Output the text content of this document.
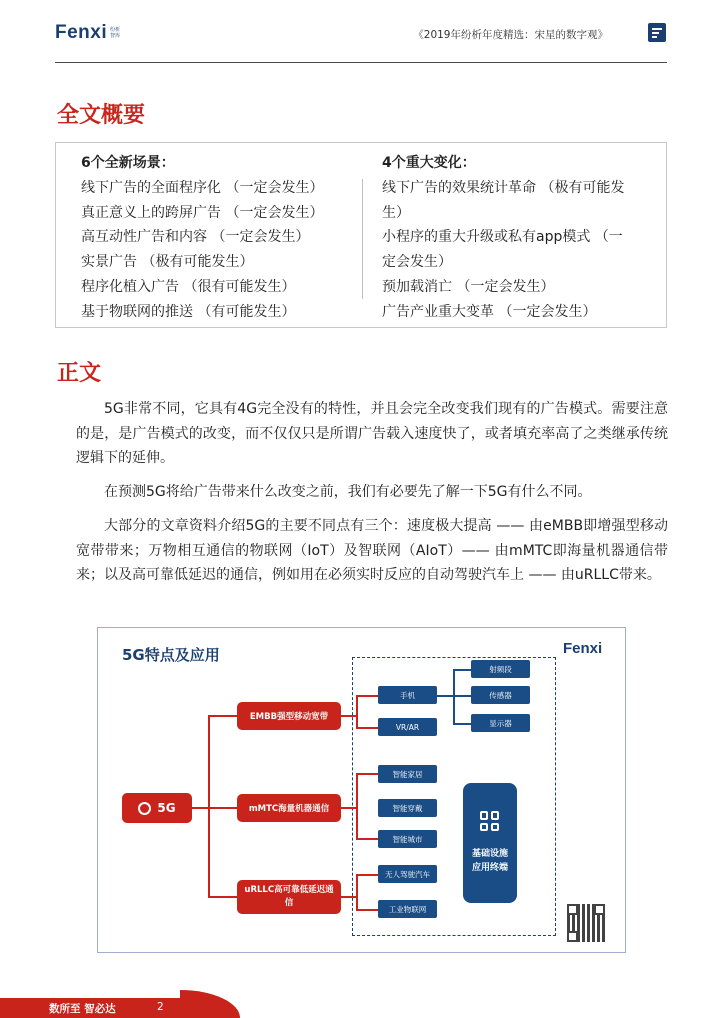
Fenxi 纷析智库	《2019年纷析年度精选：宋星的数字观》
全文概要
6个全新场景：
线下广告的全面程序化 （一定会发生）
真正意义上的跨屏广告 （一定会发生）
高互动性广告和内容 （一定会发生）
实景广告 （极有可能发生）
程序化植入广告 （很有可能发生）
基于物联网的推送 （有可能发生）
4个重大变化：
线下广告的效果统计革命 （极有可能发
生）
小程序的重大升级或私有app模式 （一
定会发生）
预加载消亡 （一定会发生）
广告产业重大变革 （一定会发生）
正文
5G非常不同，它具有4G完全没有的特性，并且会完全改变我们现有的广告模式。需要注意的是，是广告模式的改变，而不仅仅只是所谓广告载入速度快了，或者填充率高了之类继承传统逻辑下的延伸。
在预测5G将给广告带来什么改变之前，我们有必要先了解一下5G有什么不同。
大部分的文章资料介绍5G的主要不同点有三个：速度极大提高 —— 由eMBB即增强型移动宽带带来；万物相互通信的物联网（IoT）及智联网（AIoT）—— 由mMTC即海量机器通信带来；以及高可靠低延迟的通信，例如用在必须实时反应的自动驾驶汽车上 —— 由uRLLC带来。
5G特点及应用	Fenxi
5G
EMBB强型移动宽带
mMTC海量机器通信
uRLLC高可靠低延迟通信
手机
VR/AR
射频段
传感器
显示器
智能家居
智能穿戴
智能城市
无人驾驶汽车
工业物联网
基础设施应用终端
数所至 智必达	2
